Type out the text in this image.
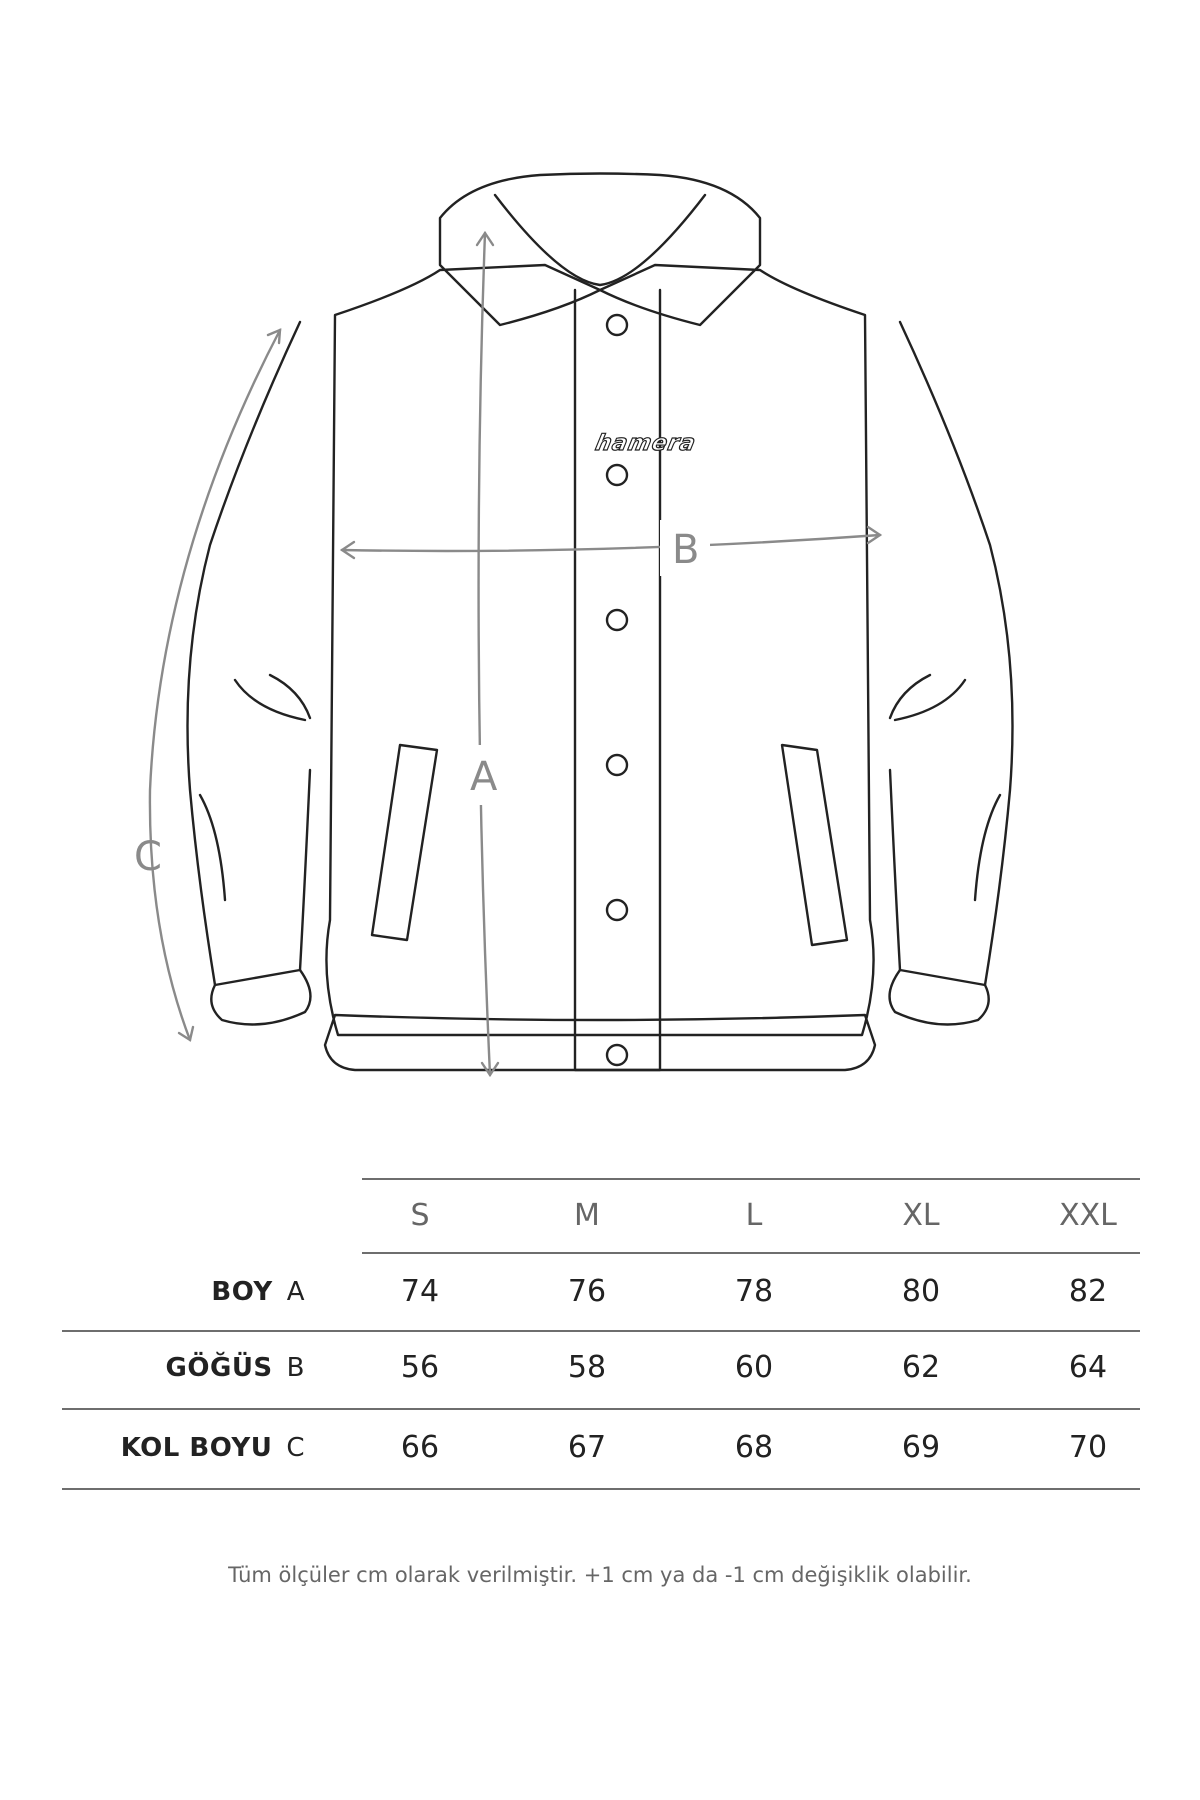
hamera
A
B
C
S	M	L	XL	XXL
BOY A	74	76	78	80	82
GÖĞÜS B	56	58	60	62	64
KOL BOYU C	66	67	68	69	70
Tüm ölçüler cm olarak verilmiştir. +1 cm ya da -1 cm değişiklik olabilir.
